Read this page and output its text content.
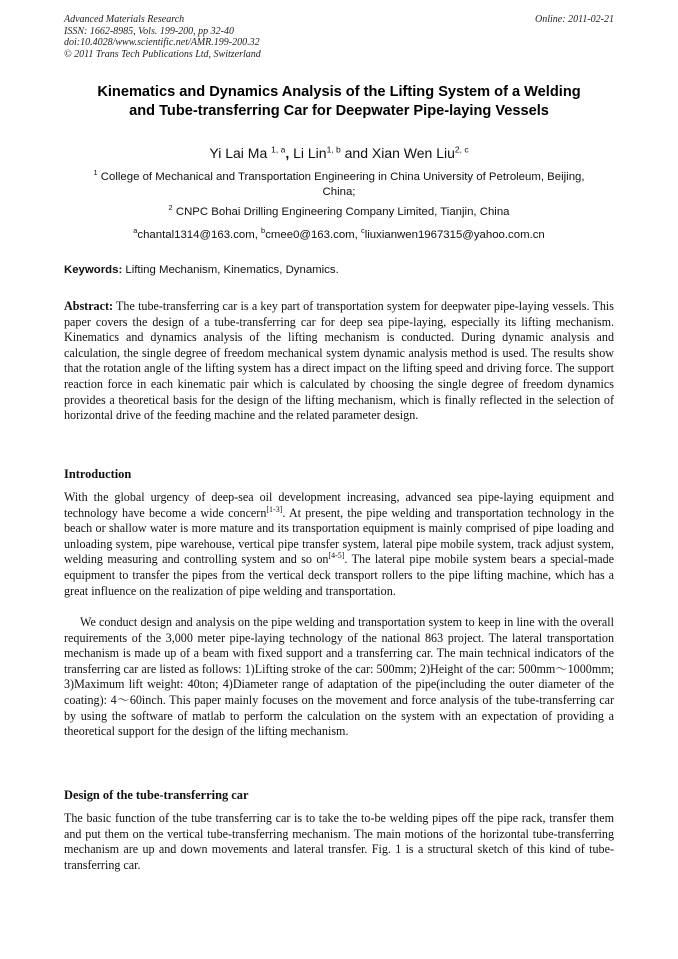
Advanced Materials Research
ISSN: 1662-8985, Vols. 199-200, pp 32-40
doi:10.4028/www.scientific.net/AMR.199-200.32
© 2011 Trans Tech Publications Ltd, Switzerland
Online: 2011-02-21
Kinematics and Dynamics Analysis of the Lifting System of a Welding
and Tube-transferring Car for Deepwater Pipe-laying Vessels
Yi Lai Ma $^{1, a}$, Li Lin$^{1, b}$ and Xian Wen Liu$^{2, c}$
$^1$ College of Mechanical and Transportation Engineering in China University of Petroleum, Beijing,
China;
$^2$ CNPC Bohai Drilling Engineering Company Limited, Tianjin, China
$^a$chantal1314@163.com, $^b$cmee0@163.com, $^c$liuxianwen1967315@yahoo.com.cn
Keywords: Lifting Mechanism, Kinematics, Dynamics.
Abstract: The tube-transferring car is a key part of transportation system for deepwater pipe-laying vessels. This paper covers the design of a tube-transferring car for deep sea pipe-laying, especially its lifting mechanism. Kinematics and dynamics analysis of the lifting mechanism is conducted. During dynamic analysis and calculation, the single degree of freedom mechanical system dynamic analysis method is used. The results show that the rotation angle of the lifting system has a direct impact on the lifting speed and driving force. The support reaction force in each kinematic pair which is calculated by choosing the single degree of freedom dynamics provides a theoretical basis for the design of the lifting mechanism, which is finally reflected in the selection of horizontal drive of the feeding machine and the related parameter design.
Introduction
With the global urgency of deep-sea oil development increasing, advanced sea pipe-laying equipment and technology have become a wide concern[1-3]. At present, the pipe welding and transportation technology in the beach or shallow water is more mature and its transportation equipment is mainly comprised of pipe loading and unloading system, pipe warehouse, vertical pipe transfer system, lateral pipe mobile system, track adjust system, welding measuring and controlling system and so on[4-5]. The lateral pipe mobile system bears a special-made equipment to transfer the pipes from the vertical deck transport rollers to the pipe lifting machine, which has a great influence on the realization of pipe welding and transportation.
We conduct design and analysis on the pipe welding and transportation system to keep in line with the overall requirements of the 3,000 meter pipe-laying technology of the national 863 project. The lateral transportation mechanism is made up of a beam with fixed support and a transferring car. The main technical indicators of the transferring car are listed as follows: 1)Lifting stroke of the car: 500mm; 2)Height of the car: 500mm～1000mm; 3)Maximum lift weight: 40ton; 4)Diameter range of adaptation of the pipe(including the outer diameter of the coating): 4～60inch. This paper mainly focuses on the movement and force analysis of the tube-transferring car by using the software of matlab to perform the calculation on the system with an expectation of providing a theoretical support for the design of the lifting mechanism.
Design of the tube-transferring car
The basic function of the tube transferring car is to take the to-be welding pipes off the pipe rack, transfer them and put them on the vertical tube-transferring mechanism. The main motions of the horizontal tube-transferring mechanism are up and down movements and lateral transfer. Fig. 1 is a structural sketch of this kind of tube-transferring car.
